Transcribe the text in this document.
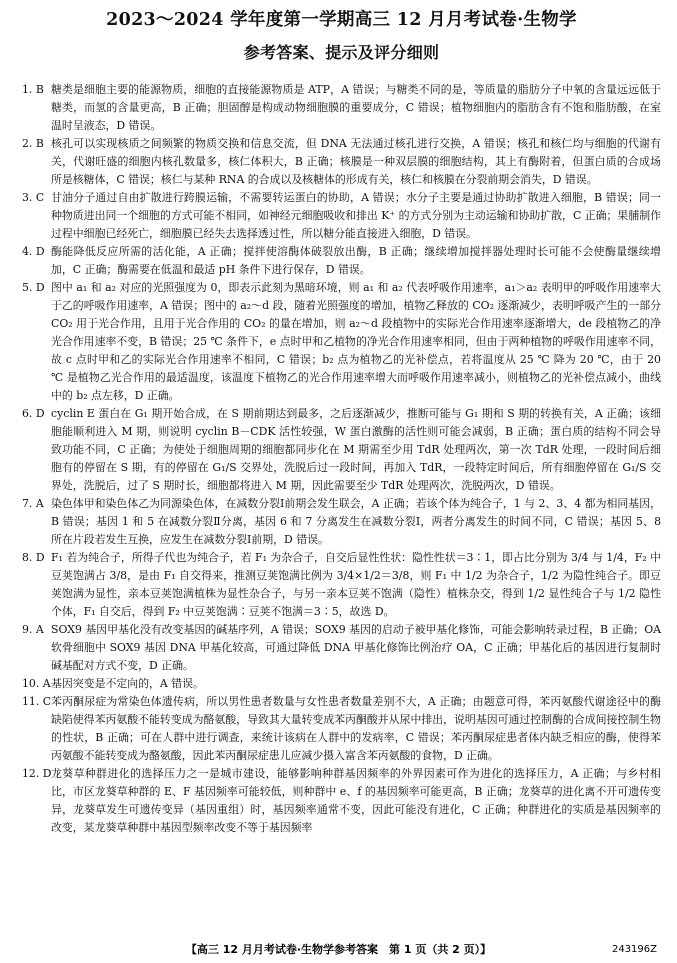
2023～2024 学年度第一学期高三 12 月月考试卷·生物学
参考答案、提示及评分细则
1. B 糖类是细胞主要的能源物质，细胞的直接能源物质是 ATP，A 错误；与糖类不同的是，等质量的脂肪分子中氧的含量远远低于糖类，而氢的含量更高，B 正确；胆固醇是构成动物细胞膜的重要成分，C 错误；植物细胞内的脂肪含有不饱和脂肪酸，在室温时呈液态，D 错误。
2. B 核孔可以实现核质之间频繁的物质交换和信息交流，但 DNA 无法通过核孔进行交换，A 错误；核孔和核仁均与细胞的代谢有关，代谢旺盛的细胞内核孔数量多，核仁体积大，B 正确；核膜是一种双层膜的细胞结构，其上有酶附着，但蛋白质的合成场所是核糖体，C 错误；核仁与某种 RNA 的合成以及核糖体的形成有关，核仁和核膜在分裂前期会消失，D 错误。
3. C 甘油分子通过自由扩散进行跨膜运输，不需要转运蛋白的协助，A 错误；水分子主要是通过协助扩散进入细胞，B 错误；同一种物质进出同一个细胞的方式可能不相同，如神经元细胞吸收和排出 K⁺ 的方式分别为主动运输和协助扩散，C 正确；果脯制作过程中细胞已经死亡，细胞膜已经失去选择透过性，所以糖分能直接进入细胞，D 错误。
4. D 酶能降低反应所需的活化能，A 正确；搅拌使溶酶体破裂放出酶，B 正确；继续增加搅拌器处理时长可能不会使酶量继续增加，C 正确；酶需要在低温和最适 pH 条件下进行保存，D 错误。
5. D 图中 a₁ 和 a₂ 对应的光照强度为 0，即表示此刻为黑暗环境，则 a₁ 和 a₂ 代表呼吸作用速率，a₁＞a₂ 表明甲的呼吸作用速率大于乙的呼吸作用速率，A 错误；图中的 a₂～d 段，随着光照强度的增加，植物乙释放的 CO₂ 逐渐减少，表明呼吸产生的一部分 CO₂ 用于光合作用，且用于光合作用的 CO₂ 的量在增加，则 a₂～d 段植物中的实际光合作用速率逐渐增大，de 段植物乙的净光合作用速率不变，B 错误；25 ℃ 条件下，e 点时甲和乙植物的净光合作用速率相同，但由于两种植物的呼吸作用速率不同，故 c 点时甲和乙的实际光合作用速率不相同，C 错误；b₂ 点为植物乙的光补偿点，若将温度从 25 ℃ 降为 20 ℃，由于 20 ℃ 是植物乙光合作用的最适温度，该温度下植物乙的光合作用速率增大而呼吸作用速率减小，则植物乙的光补偿点减小，曲线中的 b₂ 点左移，D 正确。
6. D cyclin E 蛋白在 G₁ 期开始合成，在 S 期前期达到最多，之后逐渐减少，推断可能与 G₁ 期和 S 期的转换有关，A 正确；该细胞能顺利进入 M 期，则说明 cyclin B－CDK 活性较强，W 蛋白激酶的活性则可能会减弱，B 正确；蛋白质的结构不同会导致功能不同，C 正确；为使处于细胞周期的细胞都同步化在 M 期需至少用 TdR 处理两次，第一次 TdR 处理，一段时间后细胞有的停留在 S 期，有的停留在 G₁/S 交界处，洗脱后过一段时间，再加入 TdR，一段特定时间后，所有细胞停留在 G₁/S 交界处，洗脱后，过了 S 期时长，细胞都将进入 M 期，因此需要至少 TdR 处理两次，洗脱两次，D 错误。
7. A 染色体甲和染色体乙为同源染色体，在减数分裂Ⅰ前期会发生联会，A 正确；若该个体为纯合子，1 与 2、3、4 都为相同基因，B 错误；基因 1 和 5 在减数分裂Ⅱ分离，基因 6 和 7 分离发生在减数分裂Ⅰ，两者分离发生的时间不同，C 错误；基因 5、8 所在片段若发生互换，应发生在减数分裂Ⅰ前期，D 错误。
8. D F₁ 若为纯合子，所得子代也为纯合子，若 F₁ 为杂合子，自交后显性性状：隐性性状＝3∶1，即占比分别为 3/4 与 1/4，F₂ 中豆荚饱满占 3/8，是由 F₁ 自交得来，推测豆荚饱满比例为 3/4×1/2＝3/8，则 F₁ 中 1/2 为杂合子，1/2 为隐性纯合子。即豆荚饱满为显性，亲本豆荚饱满植株为显性杂合子，与另一亲本豆荚不饱满（隐性）植株杂交，得到 1/2 显性纯合子与 1/2 隐性个体，F₁ 自交后，得到 F₂ 中豆荚饱满∶豆荚不饱满＝3∶5，故选 D。
9. A SOX9 基因甲基化没有改变基因的碱基序列，A 错误；SOX9 基因的启动子被甲基化修饰，可能会影响转录过程，B 正确；OA 软骨细胞中 SOX9 基因 DNA 甲基化较高，可通过降低 DNA 甲基化修饰比例治疗 OA，C 正确；甲基化后的基因进行复制时碱基配对方式不变，D 正确。
10. A 基因突变是不定向的，A 错误。
11. C 苯丙酮尿症为常染色体遗传病，所以男性患者数量与女性患者数量差别不大，A 正确；由题意可得，苯丙氨酸代谢途径中的酶缺陷使得苯丙氨酸不能转变成为酪氨酸，导致其大量转变成苯丙酮酸并从尿中排出，说明基因可通过控制酶的合成间接控制生物的性状，B 正确；可在人群中进行调查，来统计该病在人群中的发病率，C 错误；苯丙酮尿症患者体内缺乏相应的酶，使得苯丙氨酸不能转变成为酪氨酸，因此苯丙酮尿症患儿应减少摄入富含苯丙氨酸的食物，D 正确。
12. D 龙葵草种群进化的选择压力之一是城市建设，能够影响种群基因频率的外界因素可作为进化的选择压力，A 正确；与乡村相比，市区龙葵草种群的 E、F 基因频率可能较低，则种群中 e、f 的基因频率可能更高，B 正确；龙葵草的进化离不开可遗传变异，龙葵草发生可遗传变异（基因重组）时，基因频率通常不变，因此可能没有进化，C 正确；种群进化的实质是基因频率的改变，某龙葵草种群中基因型频率改变不等于基因频率
【高三 12 月月考试卷·生物学参考答案　第 1 页（共 2 页）】	243196Z
